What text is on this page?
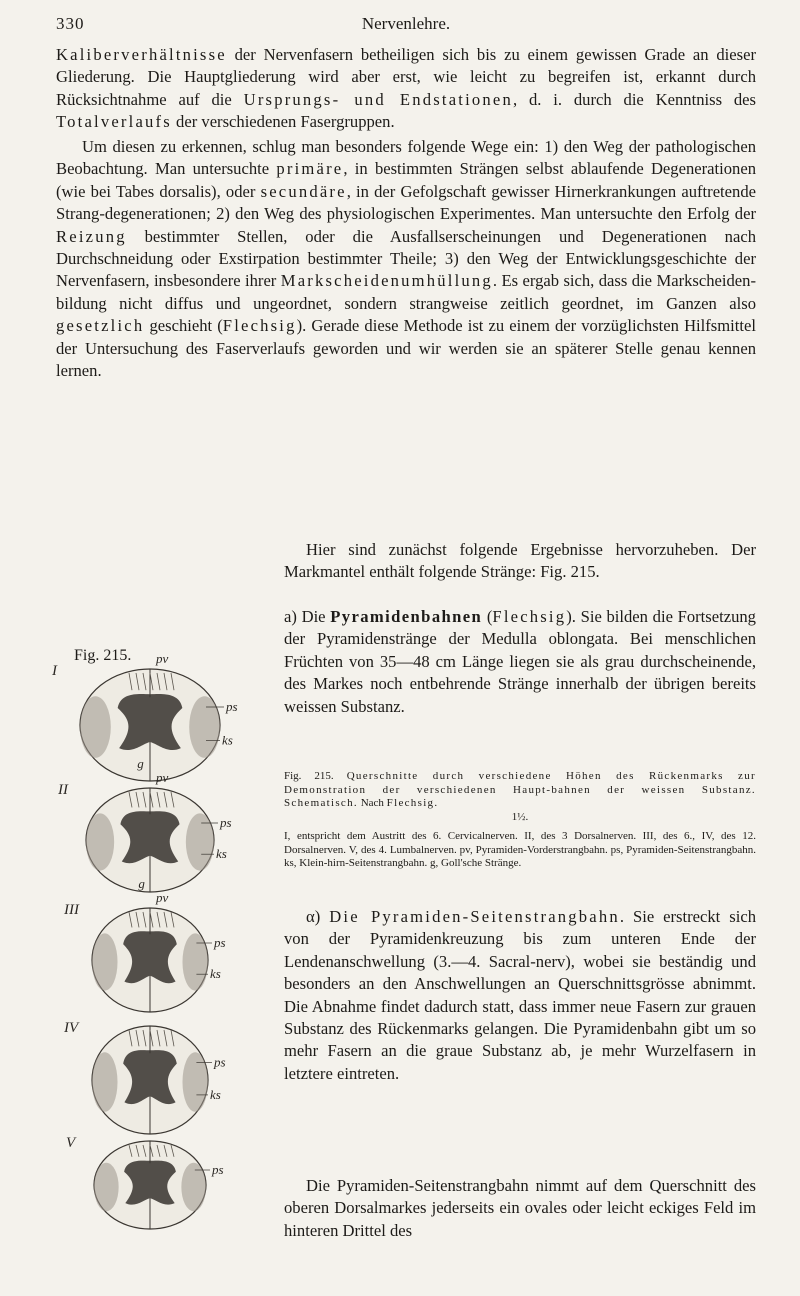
330	Nervenlehre.

Kaliberverhältnisse der Nervenfasern betheiligen sich bis zu einem gewissen Grade an dieser Gliederung. Die Hauptgliederung wird aber erst, wie leicht zu begreifen ist, erkannt durch Rücksichtnahme auf die Ursprungs- und Endstationen, d. i. durch die Kenntniss des Totalverlaufs der verschiedenen Fasergruppen.

Um diesen zu erkennen, schlug man besonders folgende Wege ein: 1) den Weg der pathologischen Beobachtung. Man untersuchte primäre, in bestimmten Strängen selbst ablaufende Degenerationen (wie bei Tabes dorsalis), oder secundäre, in der Gefolgschaft gewisser Hirnerkrankungen auftretende Strang-degenerationen; 2) den Weg des physiologischen Experimentes. Man untersuchte den Erfolg der Reizung bestimmter Stellen, oder die Ausfallserscheinungen und Degenerationen nach Durchschneidung oder Exstirpation bestimmter Theile; 3) den Weg der Entwicklungsgeschichte der Nervenfasern, insbesondere ihrer Markscheidenumhüllung. Es ergab sich, dass die Markscheiden-bildung nicht diffus und ungeordnet, sondern strangweise zeitlich geordnet, im Ganzen also gesetzlich geschieht (Flechsig). Gerade diese Methode ist zu einem der vorzüglichsten Hilfsmittel der Untersuchung des Faserverlaufs geworden und wir werden sie an späterer Stelle genau kennen lernen.

Hier sind zunächst folgende Ergebnisse hervorzuheben. Der Markmantel enthält folgende Stränge: Fig. 215.

a) Die Pyramidenbahnen (Flechsig). Sie bilden die Fortsetzung der Pyramidenstränge der Medulla oblongata. Bei menschlichen Früchten von 35—48 cm Länge liegen sie als grau durchscheinende, des Markes noch entbehrende Stränge innerhalb der übrigen bereits weissen Substanz.

Fig. 215. Querschnitte durch verschiedene Höhen des Rückenmarks zur Demonstration der verschiedenen Haupt-bahnen der weissen Substanz. Schematisch. Nach Flechsig.
1½.

I, entspricht dem Austritt des 6. Cervicalnerven. II, des 3 Dorsalnerven. III, des 6., IV, des 12. Dorsalnerven. V, des 4. Lumbalnerven. pv, Pyramiden-Vorderstrangbahn. ps, Pyramiden-Seitenstrangbahn. ks, Klein-hirn-Seitenstrangbahn. g, Goll'sche Stränge.

α) Die Pyramiden-Seitenstrangbahn. Sie erstreckt sich von der Pyramidenkreuzung bis zum unteren Ende der Lendenanschwellung (3.—4. Sacral-nerv), wobei sie beständig und besonders an den Anschwellungen an Querschnittsgrösse abnimmt. Die Abnahme findet dadurch statt, dass immer neue Fasern zur grauen Substanz des Rückenmarks gelangen. Die Pyramidenbahn gibt um so mehr Fasern an die graue Substanz ab, je mehr Wurzelfasern in letztere eintreten.

Die Pyramiden-Seitenstrangbahn nimmt auf dem Querschnitt des oberen Dorsalmarkes jederseits ein ovales oder leicht eckiges Feld im hinteren Drittel des

Fig. 215.
I
pv
ps
ks
II
g
pv
ps
ks
III
g
pv
ps
ks
IV
ps
ks
V
ps
